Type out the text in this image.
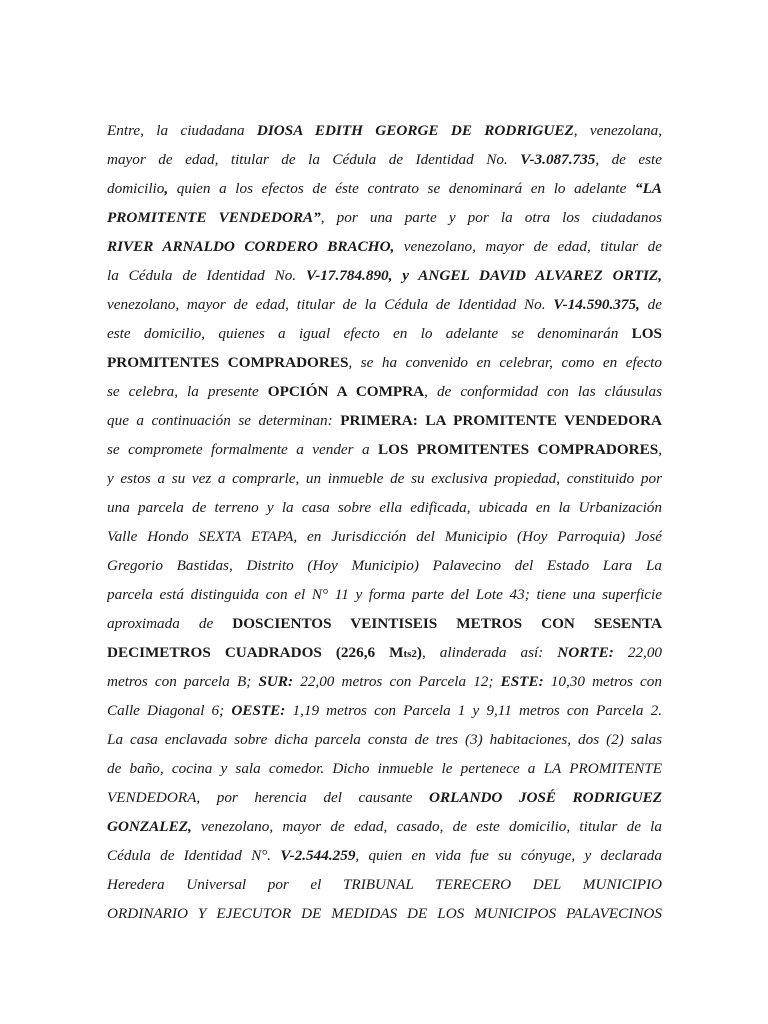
Entre, la ciudadana DIOSA EDITH GEORGE DE RODRIGUEZ, venezolana,
mayor de edad, titular de la Cédula de Identidad No. V-3.087.735, de este
domicilio, quien a los efectos de éste contrato se denominará en lo adelante “LA
PROMITENTE VENDEDORA”, por una parte y por la otra los ciudadanos
RIVER ARNALDO CORDERO BRACHO, venezolano, mayor de edad, titular de
la Cédula de Identidad No. V-17.784.890, y ANGEL DAVID ALVAREZ ORTIZ,
venezolano, mayor de edad, titular de la Cédula de Identidad No. V-14.590.375, de
este domicilio, quienes a igual efecto en lo adelante se denominarán LOS
PROMITENTES COMPRADORES, se ha convenido en celebrar, como en efecto
se celebra, la presente OPCIÓN A COMPRA, de conformidad con las cláusulas
que a continuación se determinan: PRIMERA: LA PROMITENTE VENDEDORA
se compromete formalmente a vender a LOS PROMITENTES COMPRADORES,
y estos a su vez a comprarle, un inmueble de su exclusiva propiedad, constituido por
una parcela de terreno y la casa sobre ella edificada, ubicada en la Urbanización
Valle Hondo SEXTA ETAPA, en Jurisdicción del Municipio (Hoy Parroquia) José
Gregorio Bastidas, Distrito (Hoy Municipio) Palavecino del Estado Lara La
parcela está distinguida con el N° 11 y forma parte del Lote 43; tiene una superficie
aproximada de DOSCIENTOS VEINTISEIS METROS CON SESENTA
DECIMETROS CUADRADOS (226,6 Mts2), alinderada así: NORTE: 22,00
metros con parcela B; SUR: 22,00 metros con Parcela 12; ESTE: 10,30 metros con
Calle Diagonal 6; OESTE: 1,19 metros con Parcela 1 y 9,11 metros con Parcela 2.
La casa enclavada sobre dicha parcela consta de tres (3) habitaciones, dos (2) salas
de baño, cocina y sala comedor. Dicho inmueble le pertenece a LA PROMITENTE
VENDEDORA, por herencia del causante ORLANDO JOSÉ RODRIGUEZ
GONZALEZ, venezolano, mayor de edad, casado, de este domicilio, titular de la
Cédula de Identidad N°. V-2.544.259, quien en vida fue su cónyuge, y declarada
Heredera Universal por el TRIBUNAL TERECERO DEL MUNICIPIO
ORDINARIO Y EJECUTOR DE MEDIDAS DE LOS MUNICIPOS PALAVECINOS
